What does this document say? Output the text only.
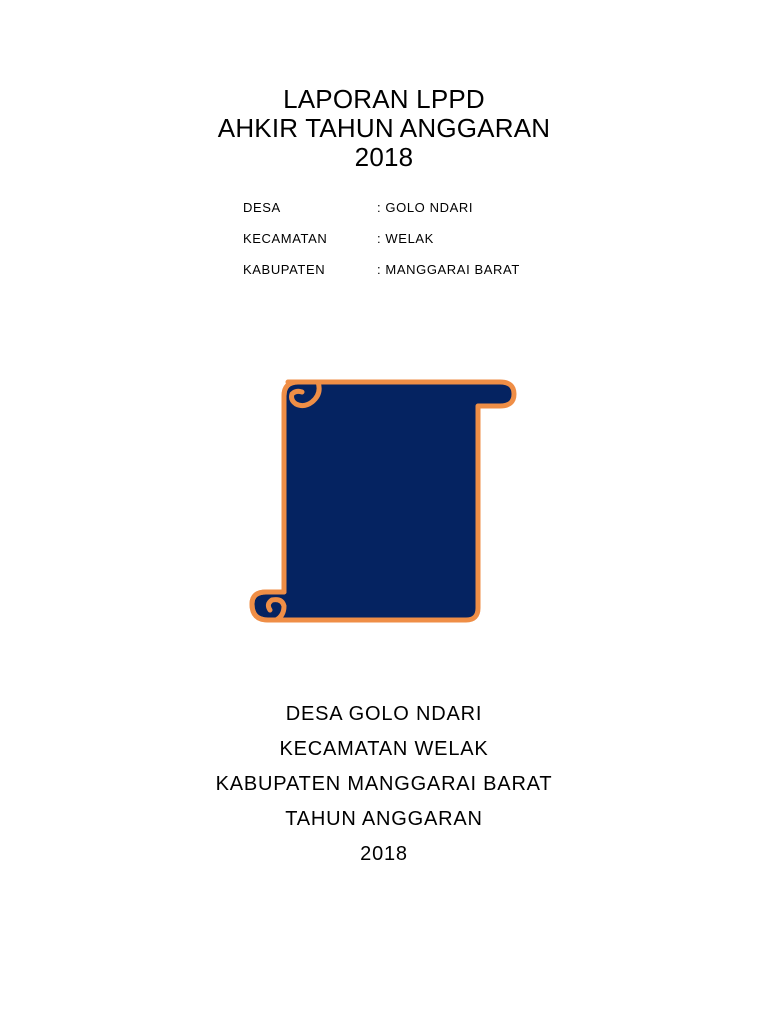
LAPORAN LPPD

AHKIR TAHUN ANGGARAN

2018

DESA	: GOLO NDARI
KECAMATAN	: WELAK
KABUPATEN	: MANGGARAI BARAT

DESA GOLO NDARI

KECAMATAN WELAK

KABUPATEN MANGGARAI BARAT

TAHUN ANGGARAN

2018
